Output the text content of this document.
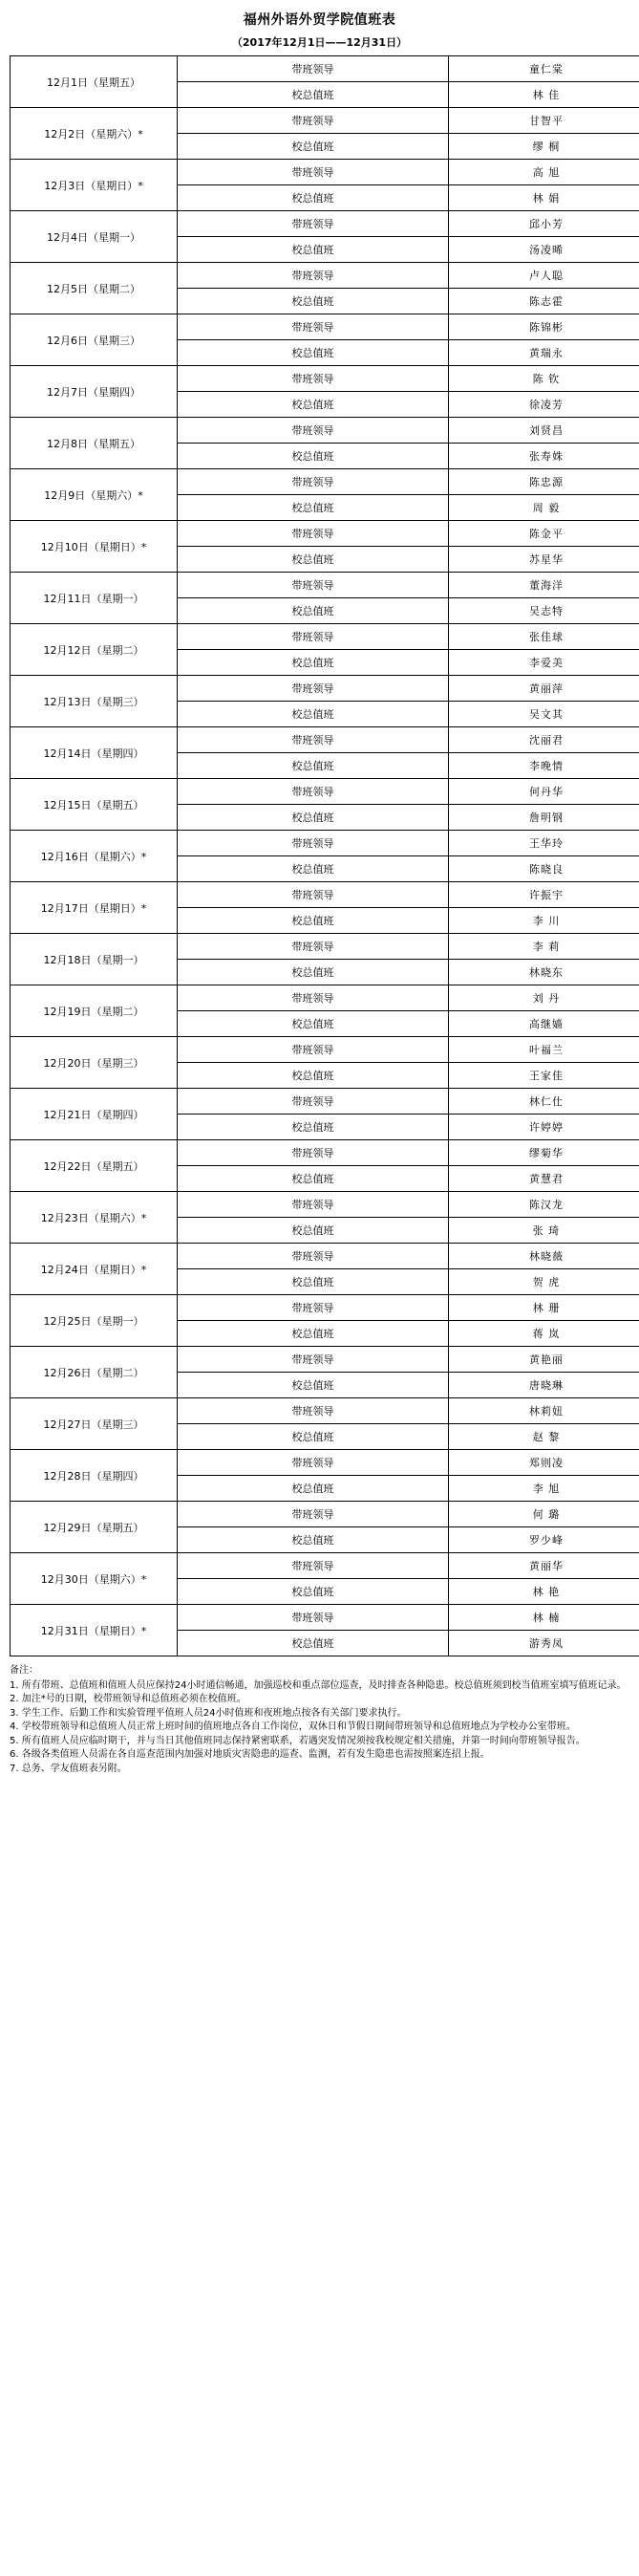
福州外语外贸学院值班表
（2017年12月1日——12月31日）
12月1日（星期五）	带班领导	童仁棠
	校总值班	林 佳
12月2日（星期六）*	带班领导	甘智平
	校总值班	缪 桐
12月3日（星期日）*	带班领导	高 旭
	校总值班	林 娟
12月4日（星期一）	带班领导	邱小芳
	校总值班	汤凌晞
12月5日（星期二）	带班领导	卢人聪
	校总值班	陈志霍
12月6日（星期三）	带班领导	陈锦彬
	校总值班	黄瑞永
12月7日（星期四）	带班领导	陈 钦
	校总值班	徐凌芳
12月8日（星期五）	带班领导	刘贤昌
	校总值班	张寿姝
12月9日（星期六）*	带班领导	陈忠源
	校总值班	周 毅
12月10日（星期日）*	带班领导	陈金平
	校总值班	苏星华
12月11日（星期一）	带班领导	董海洋
	校总值班	吴志特
12月12日（星期二）	带班领导	张佳球
	校总值班	李爱美
12月13日（星期三）	带班领导	黄丽萍
	校总值班	吴文其
12月14日（星期四）	带班领导	沈丽君
	校总值班	李晚情
12月15日（星期五）	带班领导	何丹华
	校总值班	詹明钢
12月16日（星期六）*	带班领导	王华玲
	校总值班	陈晓良
12月17日（星期日）*	带班领导	许振宇
	校总值班	李 川
12月18日（星期一）	带班领导	李 莉
	校总值班	林晓东
12月19日（星期二）	带班领导	刘 丹
	校总值班	高继嫱
12月20日（星期三）	带班领导	叶福兰
	校总值班	王家佳
12月21日（星期四）	带班领导	林仁仕
	校总值班	许婷婷
12月22日（星期五）	带班领导	缪菊华
	校总值班	黄慧君
12月23日（星期六）*	带班领导	陈汉龙
	校总值班	张 琦
12月24日（星期日）*	带班领导	林晓薇
	校总值班	贺 虎
12月25日（星期一）	带班领导	林 珊
	校总值班	蒋 岚
12月26日（星期二）	带班领导	黄艳丽
	校总值班	唐晓琳
12月27日（星期三）	带班领导	林莉妞
	校总值班	赵 黎
12月28日（星期四）	带班领导	郑则凌
	校总值班	李 旭
12月29日（星期五）	带班领导	何 璐
	校总值班	罗少峰
12月30日（星期六）*	带班领导	黄丽华
	校总值班	林 艳
12月31日（星期日）*	带班领导	林 楠
	校总值班	游秀凤

备注：

1. 所有带班、总值班和值班人员应保持24小时通信畅通，加强巡校和重点部位巡查，及时排查各种隐患。校总值班须到校当值班室填写值班记录。

2. 加注*号的日期，校带班领导和总值班必须在校值班。

3. 学生工作、后勤工作和实验管理平值班人员24小时值班和夜班地点按各有关部门要求执行。

4. 学校带班领导和总值班人员正常上班时间的值班地点各自工作岗位，双休日和节假日期间带班领导和总值班地点为学校办公室带班。

5. 所有值班人员应临时期干，并与当日其他值班同志保持紧密联系，若遇突发情况须按我校规定相关措施，并第一时间向带班领导报告。

6. 各级各类值班人员需在各自巡查范围内加强对地质灾害隐患的巡查、监测，若有发生隐患也需按照案连招上报。

7. 总务、学友值班表另附。
